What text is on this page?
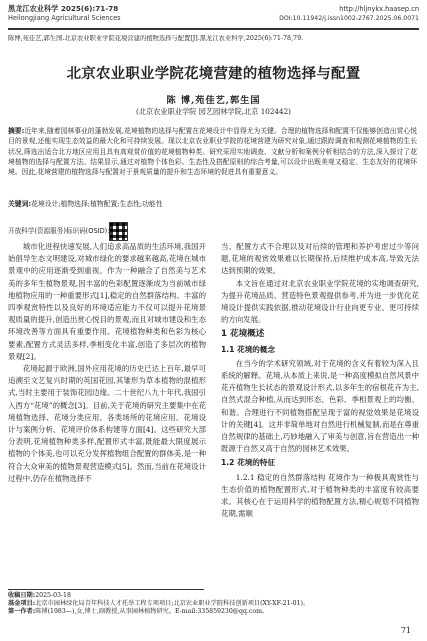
黑龙江农业科学 2025(6):71-78
Heilongjiang Agricultural Sciences
http://hljnykx.haasep.cn
DOI:10.11942/j.issn1002-2767.2025.06.0071
陈博,苑佳艺,郭生国.北京农业职业学院花境营建的植物选择与配置[J].黑龙江农业科学,2025(6):71-78,79.
北京农业职业学院花境营建的植物选择与配置
陈 博,苑佳艺,郭生国
(北京农业职业学院 园艺园林学院,北京 102442)
摘要:近年来,随着园林事业的蓬勃发展,花境植物的选择与配置在花境设计中显得尤为关键。合理的植物选择和配置不仅能够创造出赏心悦目的景观,还能实现生态效益的最大化和可持续发展。现以北京农业职业学院的花境营建为研究对象,通过跟踪调查和观测花境植物的生长状况,筛选出适合北方地区应用且具有高观赏价值的花境植物种类。研究采用实地调查、文献分析和案例分析相结合的方法,深入探讨了花境植物的选择与配置方法。结果显示,通过对植物个体色彩、生态性及搭配原则的综合考量,可以设计出既美观又稳定、生态友好的花境环境。因此,花境营建的植物选择与配置对于景观质量的提升和生态环境的促进具有重要意义。
关键词:花境设计;植物选择;植物配置;生态性;功能性
开放科学(资源服务)标识码(OSID):

城市化进程快速发展,人们追求高品质的生活环境,我国开始倡导生态文明建设,对城市绿化的要求越来越高,花境在城市景观中的应用逐渐受到重视。作为一种融合了自然美与艺术美的多年生植物景观,因丰富的色彩配置逐渐成为当前城市绿地植物应用的一种重要形式[1],稳定的自然群落结构、丰富的四季观赏特性以及良好的环境适应能力不仅可以提升花境景观质量的提升,创造出赏心悦目的景观,而且对城市建设和生态环境改善等方面具有重要作用。花境植物种类和色彩为核心要素,配置方式灵活多样,季相变化丰富,创造了多层次的植物景观[2]。

花境起源于欧洲,国外应用花境的历史已达上百年,最早可追溯至文艺复兴时期的英国花园,其雏形为草本植物的混植形式,当时主要用于装饰花园边缘。二十世纪八九十年代,我国引入西方“花境”的概念[3]。目前,关于花境的研究主要集中在花境植物选择、花境分类应用、各类场所的花境应用、花境设计与案例分析、花境评价体系构建等方面[4]。这些研究大部分表明,花境植物种类多样,配置形式丰富,既能最大限度展示植物的个体美,也可以充分发挥植物组合配置的群体美,是一种符合大众审美的植物景观营造模式[5]。然而,当前在花境设计过程中,仍存在植物选择不

当、配置方式不合理以及对后续的管理和养护考虑过少等问题,花境的观赏效果难以长期保持,后续维护成本高,导致无法达到预期的效果。

本文旨在通过对北京农业职业学院花境的实地调查研究,为提升花境品质、营造特色景观提供参考,并为进一步优化花境设计提供实践依据,推动花境设计行业向更专业、更可持续的方向发展。

1 花境概述
1.1 花境的概念

在当今的学术研究领域,对于花境的含义有着较为深入且系统的解释。花境,从本质上来说,是一种高度模拟自然风景中花卉植物生长状态的景观设计形式,以多年生的宿根花卉为主,自然式混合种植,从而达到形态、色彩、季相景观上的均衡、和谐。合理进行不同植物搭配呈现于富的视觉效果是花境设计的关键[4]。这并非简单地对自然进行机械复制,而是在尊重自然规律的基础上,巧妙地融入了审美与创意,旨在营造出一种既源于自然又高于自然的园林艺术效果。

1.2 花境的特征

1.2.1 稳定的自然群落结构 花境作为一种极具观赏性与生态价值的植物配置形式,对于植物种类的丰富度有较高要求。其核心在于运用科学的植物配置方法,精心规划不同植物花期,需顺

收稿日期:2025-03-18
基金项目:北京市园林绿化局青年科技人才托举工程专项项目;北京农业职业学院科技创新项目(XY-XF-21-01)。
第一作者:陈博(1983—),女,博士,副教授,从事园林植物研究。E-mail:335859230@qq.com。
71
